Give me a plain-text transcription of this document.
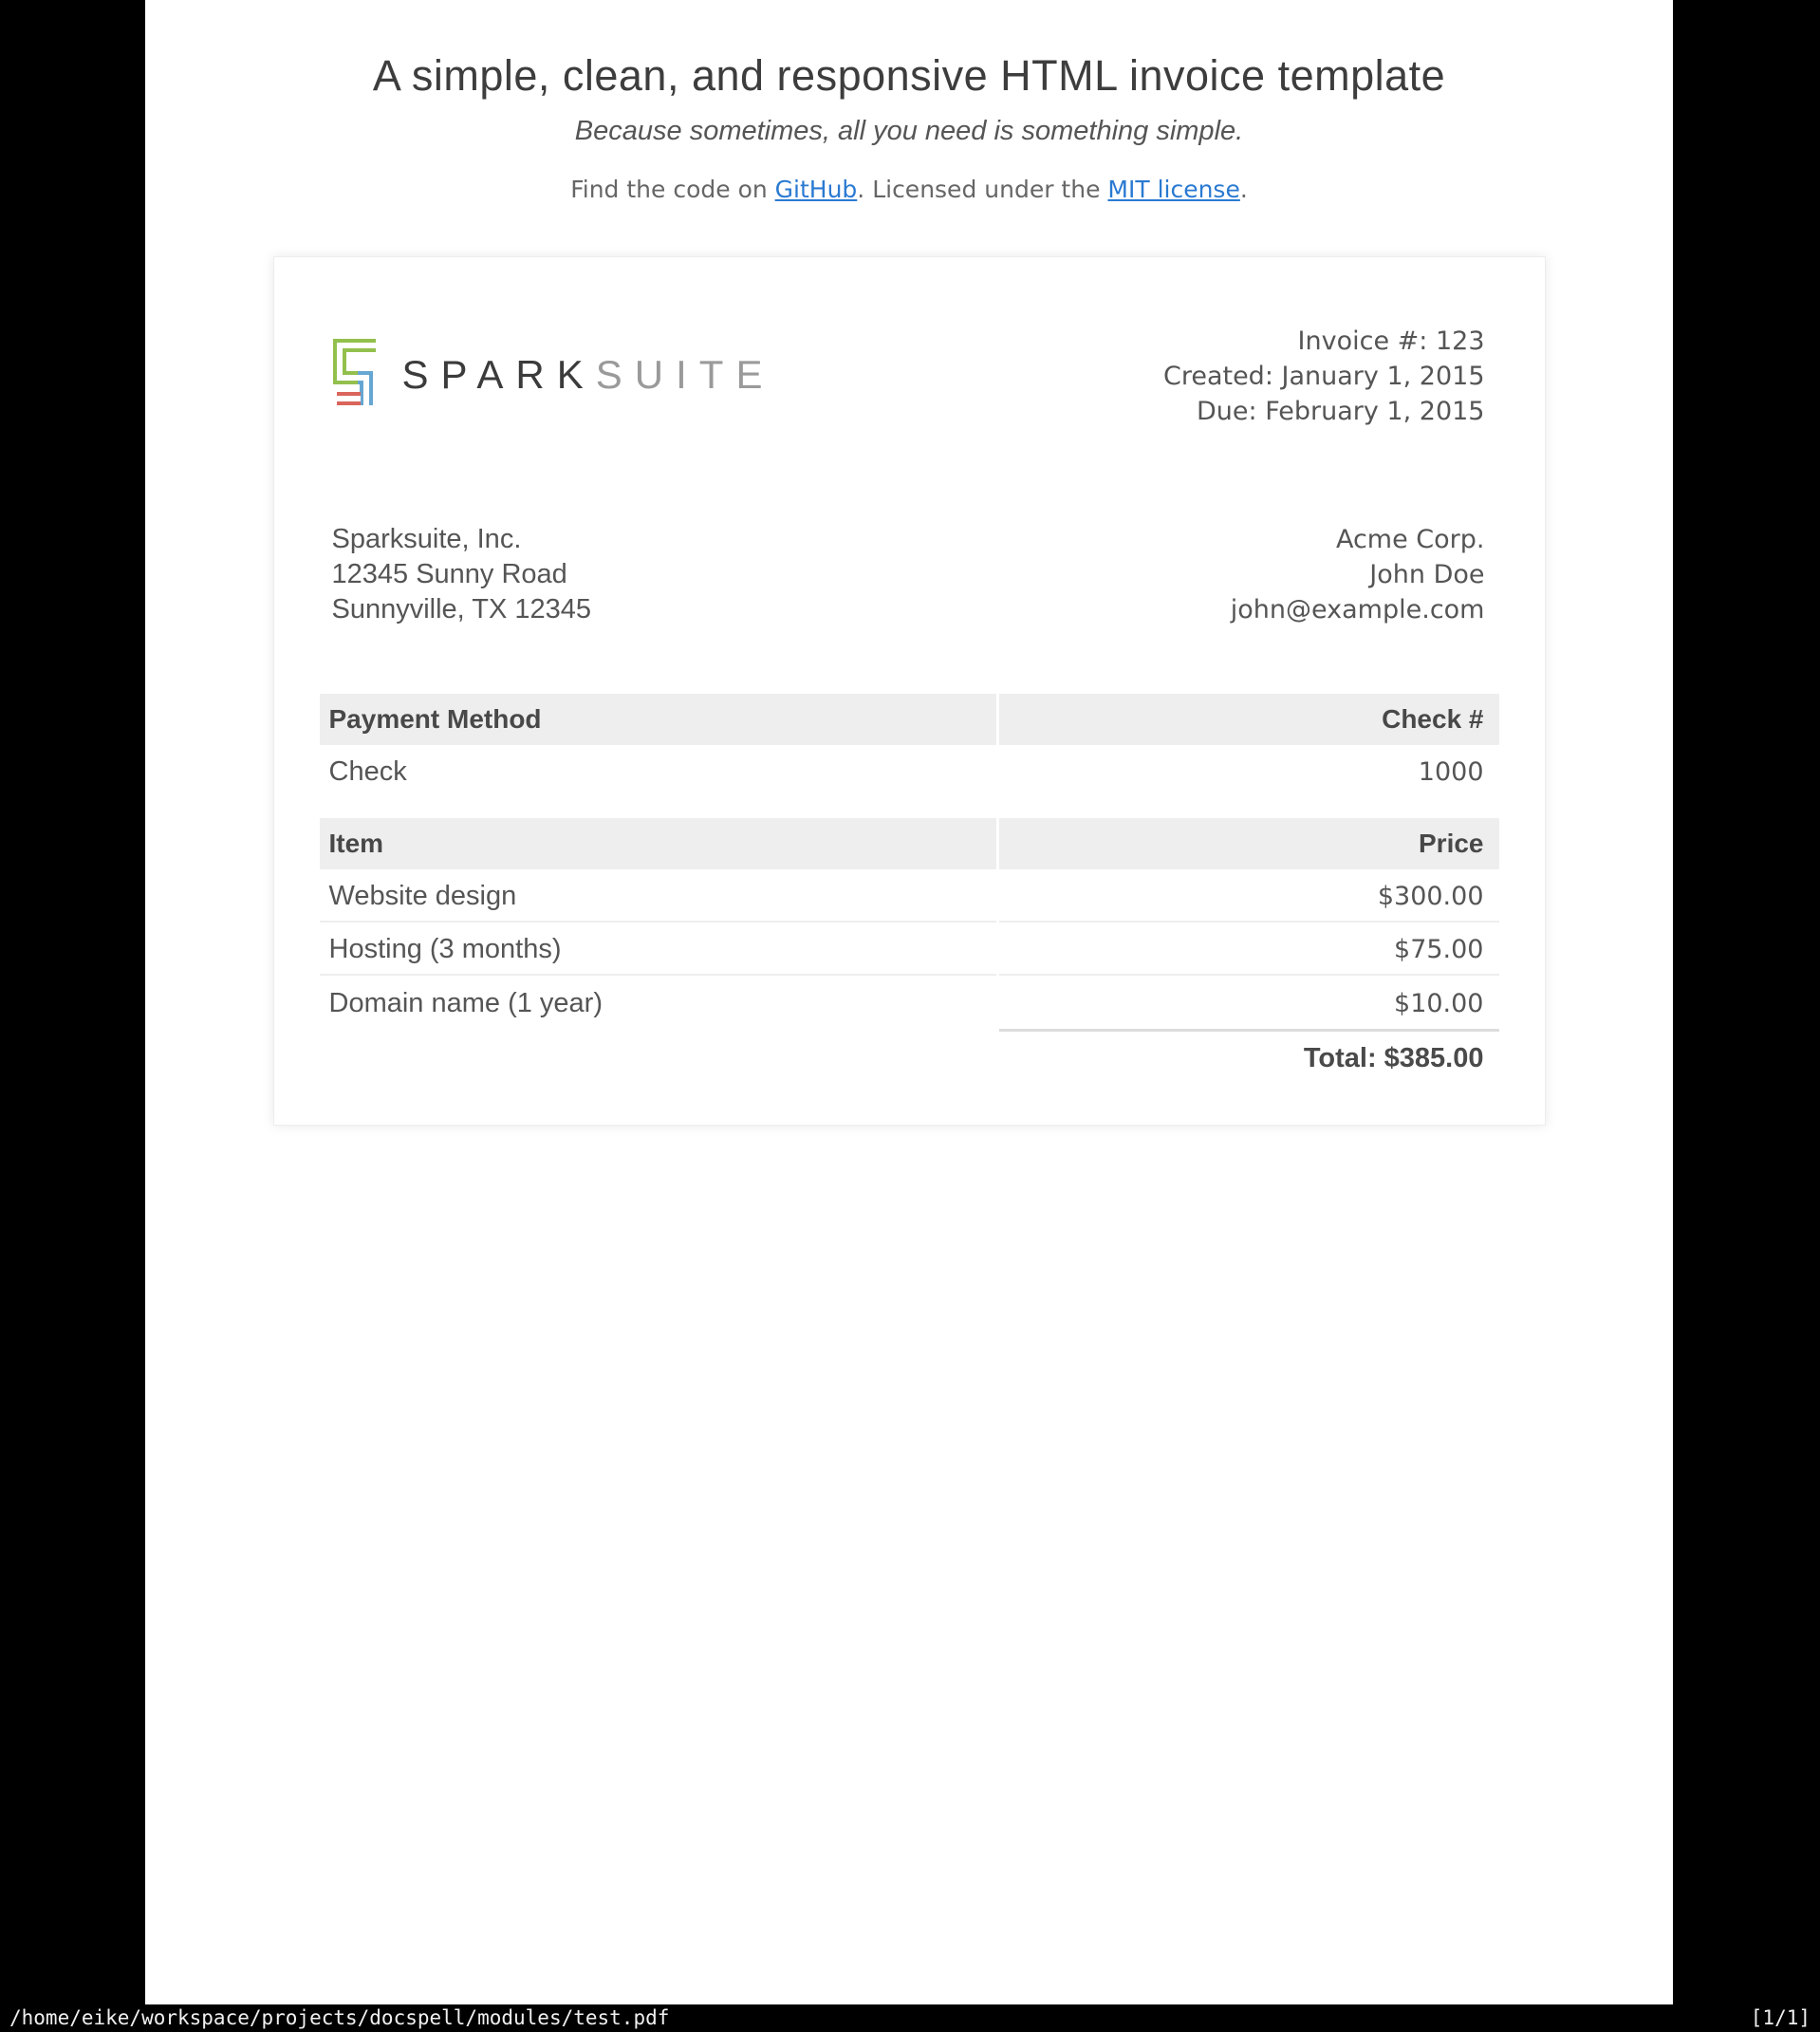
A simple, clean, and responsive HTML invoice template
Because sometimes, all you need is something simple.
Find the code on GitHub. Licensed under the MIT license.
SPARKSUITE
Invoice #: 123
Created: January 1, 2015
Due: February 1, 2015
Sparksuite, Inc.
12345 Sunny Road
Sunnyville, TX 12345
Acme Corp.
John Doe
john@example.com
Payment Method	Check #
Check	1000
Item	Price
Website design	$300.00
Hosting (3 months)	$75.00
Domain name (1 year)	$10.00
	Total: $385.00
/home/eike/workspace/projects/docspell/modules/test.pdf	[1/1]
